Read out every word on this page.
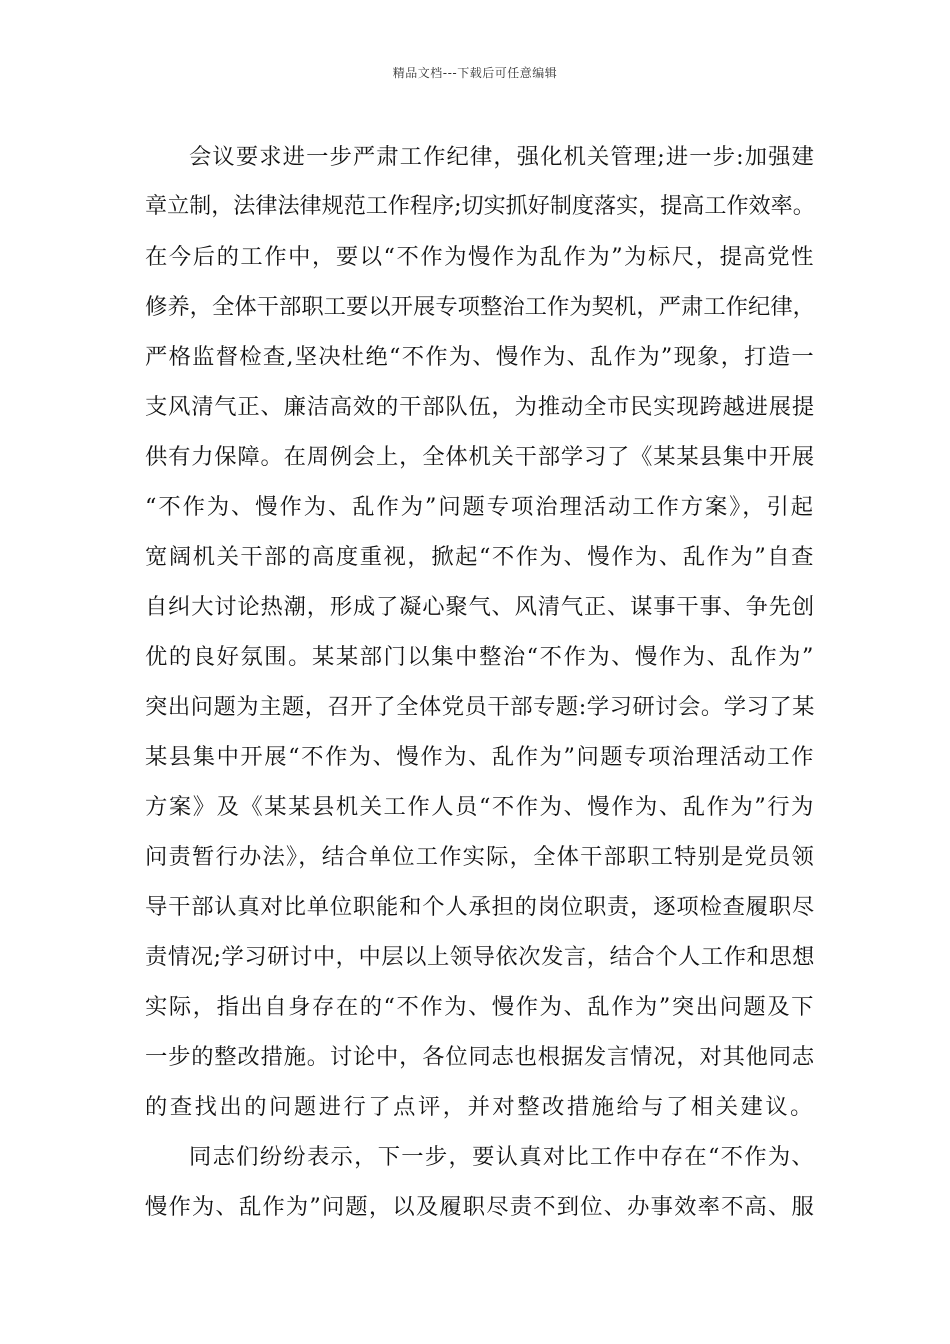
精品文档---下载后可任意编辑
会议要求进一步严肃工作纪律，强化机关管理;进一步:加强建
章立制，法律法律规范工作程序;切实抓好制度落实，提高工作效率。
在今后的工作中，要以“不作为慢作为乱作为”为标尺，提高党性
修养，全体干部职工要以开展专项整治工作为契机，严肃工作纪律，
严格监督检查,坚决杜绝“不作为、慢作为、乱作为”现象，打造一
支风清气正、廉洁高效的干部队伍，为推动全市民实现跨越进展提
供有力保障。在周例会上，全体机关干部学习了《某某县集中开展
“不作为、慢作为、乱作为”问题专项治理活动工作方案》，引起
宽阔机关干部的高度重视，掀起“不作为、慢作为、乱作为”自查
自纠大讨论热潮，形成了凝心聚气、风清气正、谋事干事、争先创
优的良好氛围。某某部门以集中整治“不作为、慢作为、乱作为”
突出问题为主题，召开了全体党员干部专题:学习研讨会。学习了某
某县集中开展“不作为、慢作为、乱作为”问题专项治理活动工作
方案》及《某某县机关工作人员“不作为、慢作为、乱作为”行为
问责暂行办法》，结合单位工作实际，全体干部职工特别是党员领
导干部认真对比单位职能和个人承担的岗位职责，逐项检查履职尽
责情况;学习研讨中，中层以上领导依次发言，结合个人工作和思想
实际，指出自身存在的“不作为、慢作为、乱作为”突出问题及下
一步的整改措施。讨论中，各位同志也根据发言情况，对其他同志
的查找出的问题进行了点评，并对整改措施给与了相关建议。
同志们纷纷表示，下一步，要认真对比工作中存在“不作为、
慢作为、乱作为”问题，以及履职尽责不到位、办事效率不高、服
